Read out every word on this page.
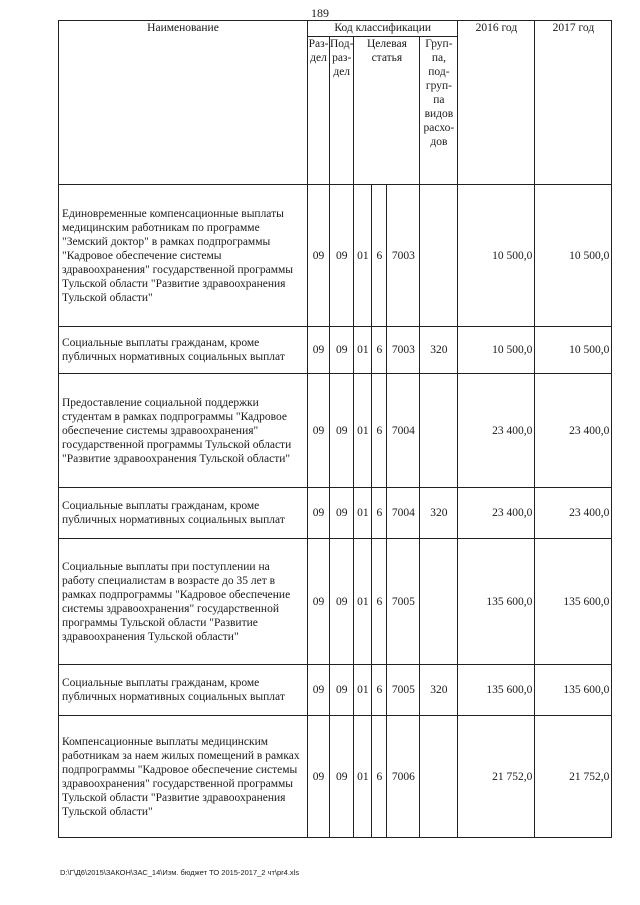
189
Наименование	Код классификации						2016 год	2017 год
	Раз-дел	Под-раз-дел	Целевая статья			Груп-па, под-груп-па видов расхо-дов		
Единовременные компенсационные выплаты медицинским работникам по программе "Земский доктор" в рамках подпрограммы "Кадровое обеспечение системы здравоохранения" государственной программы Тульской области "Развитие здравоохранения Тульской области"	09	09	01	6	7003		10 500,0	10 500,0
Социальные выплаты гражданам, кроме публичных нормативных социальных выплат	09	09	01	6	7003	320	10 500,0	10 500,0
Предоставление социальной поддержки студентам в рамках подпрограммы "Кадровое обеспечение системы здравоохранения" государственной программы Тульской области "Развитие здравоохранения Тульской области"	09	09	01	6	7004		23 400,0	23 400,0
Социальные выплаты гражданам, кроме публичных нормативных социальных выплат	09	09	01	6	7004	320	23 400,0	23 400,0
Социальные выплаты при поступлении на работу специалистам в возрасте до 35 лет в рамках подпрограммы "Кадровое обеспечение системы здравоохранения" государственной программы Тульской области "Развитие здравоохранения Тульской области"	09	09	01	6	7005		135 600,0	135 600,0
Социальные выплаты гражданам, кроме публичных нормативных социальных выплат	09	09	01	6	7005	320	135 600,0	135 600,0
Компенсационные выплаты медицинским работникам за наем жилых помещений в рамках подпрограммы "Кадровое обеспечение системы здравоохранения" государственной программы Тульской области "Развитие здравоохранения Тульской области"	09	09	01	6	7006		21 752,0	21 752,0
D:\Г\Д6\2015\ЗАКОН\ЗАС_14\Изм. бюджет ТО 2015-2017_2 чт\pr4.xls
